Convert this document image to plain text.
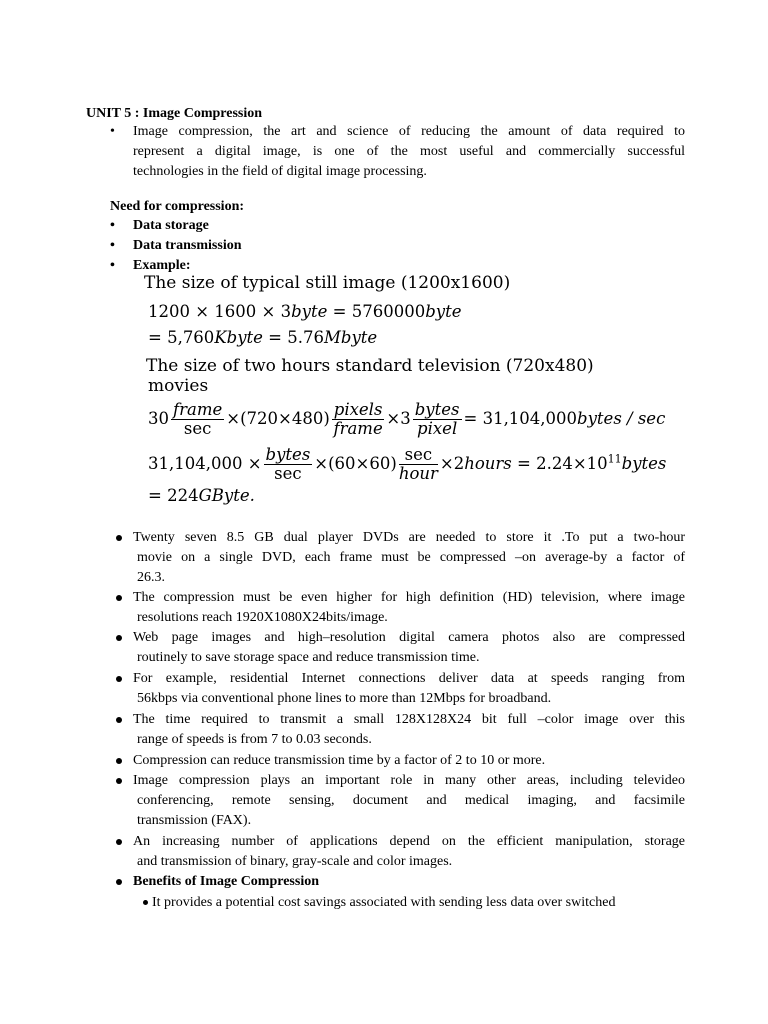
UNIT 5 : Image Compression
• Image compression, the art and science of reducing the amount of data required to
represent a digital image, is one of the most useful and commercially successful
technologies in the field of digital image processing.
Need for compression:
• Data storage
• Data transmission
• Example:
The size of typical still image (1200x1600)
1200 × 1600 × 3byte = 5760000byte
= 5,760Kbyte = 5.76Mbyte
The size of two hours standard television (720x480)
movies
$30 \frac{\text{frame}}{\sec} \times(720\times 480) \frac{\text{pixels}}{\text{frame}} \times 3 \frac{\text{bytes}}{\text{pixel}}$ = 31,104,000bytes / sec
$31,104,000 \times \frac{\text{bytes}}{\sec} \times(60\times 60) \frac{\sec}{\text{hour}}$ ×2hours = $2.24\times 10^{11}bytes$
= 224GByte.
Twenty seven 8.5 GB dual player DVDs are needed to store it .To put a two-hour
movie on a single DVD, each frame must be compressed –on average-by a factor of
26.3.
The compression must be even higher for high definition (HD) television, where image
resolutions reach 1920X1080X24bits/image.
Web page images and high–resolution digital camera photos also are compressed
routinely to save storage space and reduce transmission time.
For example, residential Internet connections deliver data at speeds ranging from
56kbps via conventional phone lines to more than 12Mbps for broadband.
The time required to transmit a small 128X128X24 bit full –color image over this
range of speeds is from 7 to 0.03 seconds.
Compression can reduce transmission time by a factor of 2 to 10 or more.
Image compression plays an important role in many other areas, including televideo
conferencing, remote sensing, document and medical imaging, and facsimile
transmission (FAX).
An increasing number of applications depend on the efficient manipulation, storage
and transmission of binary, gray-scale and color images.
Benefits of Image Compression
It provides a potential cost savings associated with sending less data over switched
